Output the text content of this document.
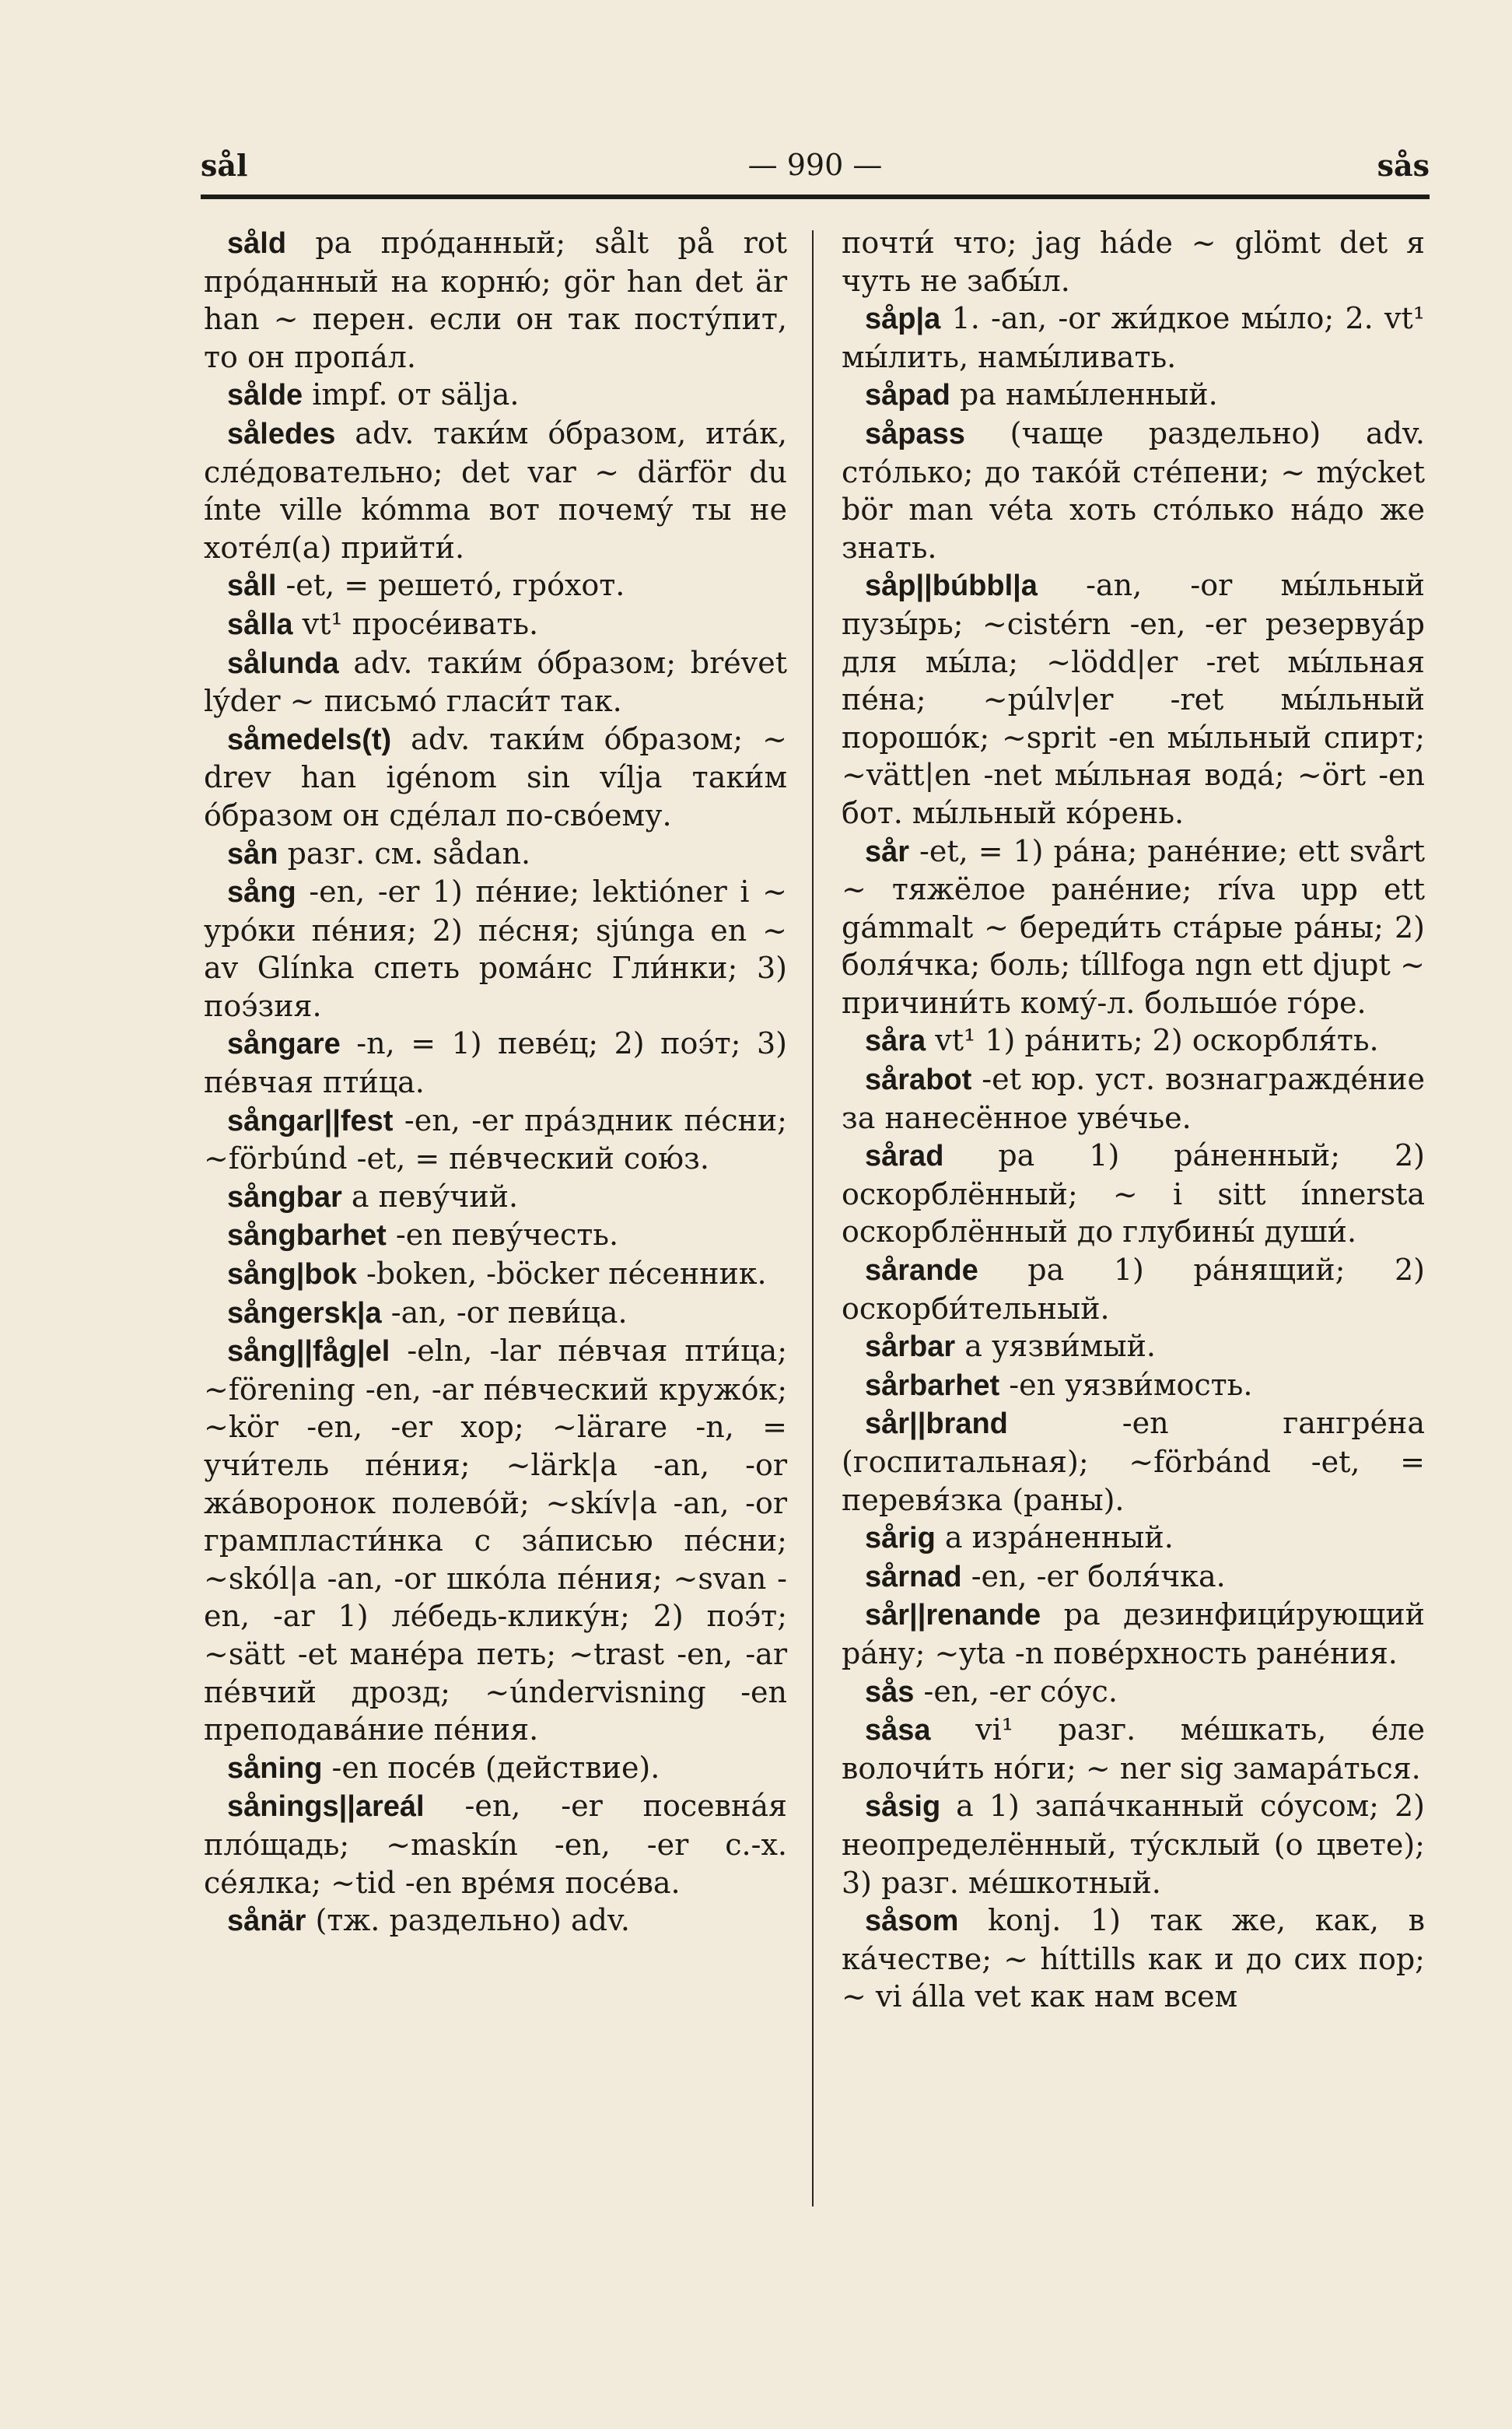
sål	— 990 —	sås

såld pa про́данный; sålt på rot про́данный на корню́; gör han det är han ~ перен. если он так посту́пит, то он пропа́л.

sålde impf. от sälja.

således adv. таки́м о́бразом, ита́к, сле́довательно; det var ~ därför du ínte ville kómma вот почему́ ты не хоте́л(а) прийти́.

såll -et, = решето́, гро́хот.

sålla vt¹ просе́ивать.

sålunda adv. таки́м о́бразом; brévet lýder ~ письмо́ гласи́т так.

såmedels(t) adv. таки́м о́бразом; ~ drev han igénom sin vílja таки́м о́бразом он сде́лал по-сво́ему.

sån разг. см. sådan.

sång -en, -er 1) пе́ние; lektióner i ~ уро́ки пе́ния; 2) пе́сня; sjúnga en ~ av Glínka спеть рома́нс Гли́нки; 3) поэ́зия.

sångare -n, = 1) певе́ц; 2) поэ́т; 3) пе́вчая пти́ца.

sångar||fest -en, -er пра́здник пе́сни; ~förbúnd -et, = пе́вческий сою́з.

sångbar a певу́чий.

sångbarhet -en певу́честь.

sång|bok -boken, -böcker пе́сенник.

sångersk|a -an, -or певи́ца.

sång||fåg|el -eln, -lar пе́вчая пти́ца; ~förening -en, -ar пе́вческий кружо́к; ~kör -en, -er хор; ~lärare -n, = учи́тель пе́ния; ~lärk|a -an, -or жа́воронок полево́й; ~skív|a -an, -or грампласти́нка с за́писью пе́сни; ~skól|a -an, -or шко́ла пе́ния; ~svan -en, -ar 1) ле́бедь-клику́н; 2) поэ́т; ~sätt -et мане́ра петь; ~trast -en, -ar пе́вчий дрозд; ~úndervisning -en преподава́ние пе́ния.

såning -en посе́в (действие).

sånings||areál -en, -er посевна́я пло́щадь; ~maskín -en, -er с.-х. се́ялка; ~tid -en вре́мя посе́ва.

sånär (тж. раздельно) adv.

почти́ что; jag háde ~ glömt det я чуть не забы́л.

såp|a 1. -an, -or жи́дкое мы́ло; 2. vt¹ мы́лить, намы́ливать.

såpad pa намы́ленный.

såpass (чаще раздельно) adv. сто́лько; до тако́й сте́пени; ~ mýcket bör man véta хоть сто́лько на́до же знать.

såp||búbbl|a -an, -or мы́льный пузы́рь; ~cistérn -en, -er резервуа́р для мы́ла; ~lödd|er -ret мы́льная пе́на; ~púlv|er -ret мы́льный порошо́к; ~sprit -en мы́льный спирт; ~vätt|en -net мы́льная вода́; ~ört -en бот. мы́льный ко́рень.

sår -et, = 1) ра́на; ране́ние; ett svårt ~ тяжёлое ране́ние; ríva upp ett gámmalt ~ береди́ть ста́рые ра́ны; 2) боля́чка; боль; tíllfoga ngn ett djupt ~ причини́ть кому́-л. большо́е го́ре.

såra vt¹ 1) ра́нить; 2) оскорбля́ть.

sårabot -et юр. уст. вознагражде́ние за нанесённое уве́чье.

sårad pa 1) ра́ненный; 2) оскорблённый; ~ i sitt ínnersta оскорблённый до глубины́ души́.

sårande pa 1) ра́нящий; 2) оскорби́тельный.

sårbar a уязви́мый.

sårbarhet -en уязви́мость.

sår||brand -en гангре́на (госпитальная); ~förbánd -et, = перевя́зка (раны).

sårig a изра́ненный.

sårnad -en, -er боля́чка.

sår||renande pa дезинфици́рующий ра́ну; ~yta -n пове́рхность ране́ния.

sås -en, -er со́ус.

såsa vi¹ разг. ме́шкать, е́ле волочи́ть но́ги; ~ ner sig замара́ться.

såsig a 1) запа́чканный со́усом; 2) неопределённый, ту́склый (о цвете); 3) разг. ме́шкотный.

såsom konj. 1) так же, как, в ка́честве; ~ híttills как и до сих пор; ~ vi álla vet как нам всем
